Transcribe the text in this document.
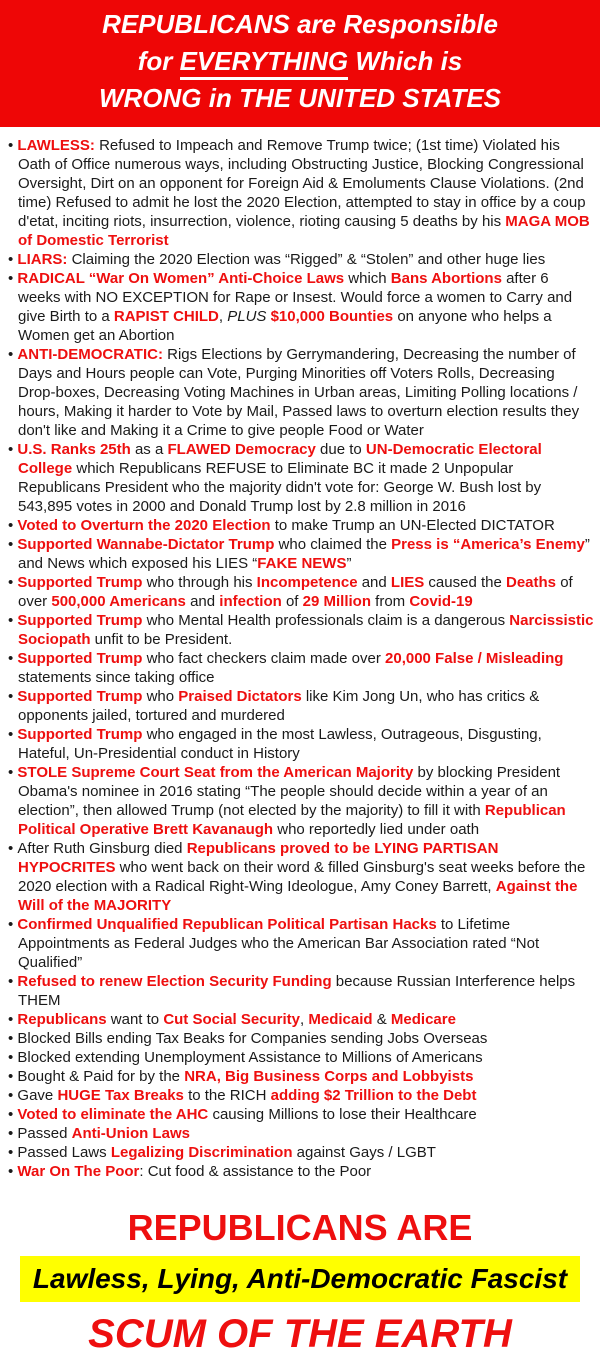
REPUBLICANS are Responsible
for EVERYTHING Which is
WRONG in THE UNITED STATES
• LAWLESS: Refused to Impeach and Remove Trump twice; (1st time) Violated his Oath of Office numerous ways, including Obstructing Justice, Blocking Congressional Oversight, Dirt on an opponent for Foreign Aid & Emoluments Clause Violations. (2nd time) Refused to admit he lost the 2020 Election, attempted to stay in office by a coup d'etat, inciting riots, insurrection, violence, rioting causing 5 deaths by his MAGA MOB of Domestic Terrorist
• LIARS: Claiming the 2020 Election was “Rigged” & “Stolen” and other huge lies
• RADICAL “War On Women” Anti-Choice Laws which Bans Abortions after 6 weeks with NO EXCEPTION for Rape or Insest. Would force a women to Carry and give Birth to a RAPIST CHILD, PLUS $10,000 Bounties on anyone who helps a Women get an Abortion
• ANTI-DEMOCRATIC: Rigs Elections by Gerrymandering, Decreasing the number of Days and Hours people can Vote, Purging Minorities off Voters Rolls, Decreasing Drop-boxes, Decreasing Voting Machines in Urban areas, Limiting Polling locations / hours, Making it harder to Vote by Mail, Passed laws to overturn election results they don't like and Making it a Crime to give people Food or Water
• U.S. Ranks 25th as a FLAWED Democracy due to UN-Democratic Electoral College which Republicans REFUSE to Eliminate BC it made 2 Unpopular Republicans President who the majority didn't vote for: George W. Bush lost by 543,895 votes in 2000 and Donald Trump lost by 2.8 million in 2016
• Voted to Overturn the 2020 Election to make Trump an UN-Elected DICTATOR
• Supported Wannabe-Dictator Trump who claimed the Press is “America’s Enemy” and News which exposed his LIES “FAKE NEWS”
• Supported Trump who through his Incompetence and LIES caused the Deaths of over 500,000 Americans and infection of 29 Million from Covid-19
• Supported Trump who Mental Health professionals claim is a dangerous Narcissistic Sociopath unfit to be President.
• Supported Trump who fact checkers claim made over 20,000 False / Misleading statements since taking office
• Supported Trump who Praised Dictators like Kim Jong Un, who has critics & opponents jailed, tortured and murdered
• Supported Trump who engaged in the most Lawless, Outrageous, Disgusting, Hateful, Un-Presidential conduct in History
• STOLE Supreme Court Seat from the American Majority by blocking President Obama's nominee in 2016 stating “The people should decide within a year of an election”, then allowed Trump (not elected by the majority) to fill it with Republican Political Operative Brett Kavanaugh who reportedly lied under oath
• After Ruth Ginsburg died Republicans proved to be LYING PARTISAN HYPOCRITES who went back on their word & filled Ginsburg's seat weeks before the 2020 election with a Radical Right-Wing Ideologue, Amy Coney Barrett, Against the Will of the MAJORITY
• Confirmed Unqualified Republican Political Partisan Hacks to Lifetime Appointments as Federal Judges who the American Bar Association rated “Not Qualified”
• Refused to renew Election Security Funding because Russian Interference helps THEM
• Republicans want to Cut Social Security, Medicaid & Medicare
• Blocked Bills ending Tax Beaks for Companies sending Jobs Overseas
• Blocked extending Unemployment Assistance to Millions of Americans
• Bought & Paid for by the NRA, Big Business Corps and Lobbyists
• Gave HUGE Tax Breaks to the RICH adding $2 Trillion to the Debt
• Voted to eliminate the AHC causing Millions to lose their Healthcare
• Passed Anti-Union Laws
• Passed Laws Legalizing Discrimination against Gays / LGBT
• War On The Poor: Cut food & assistance to the Poor
REPUBLICANS ARE
Lawless, Lying, Anti-Democratic Fascist
SCUM OF THE EARTH
